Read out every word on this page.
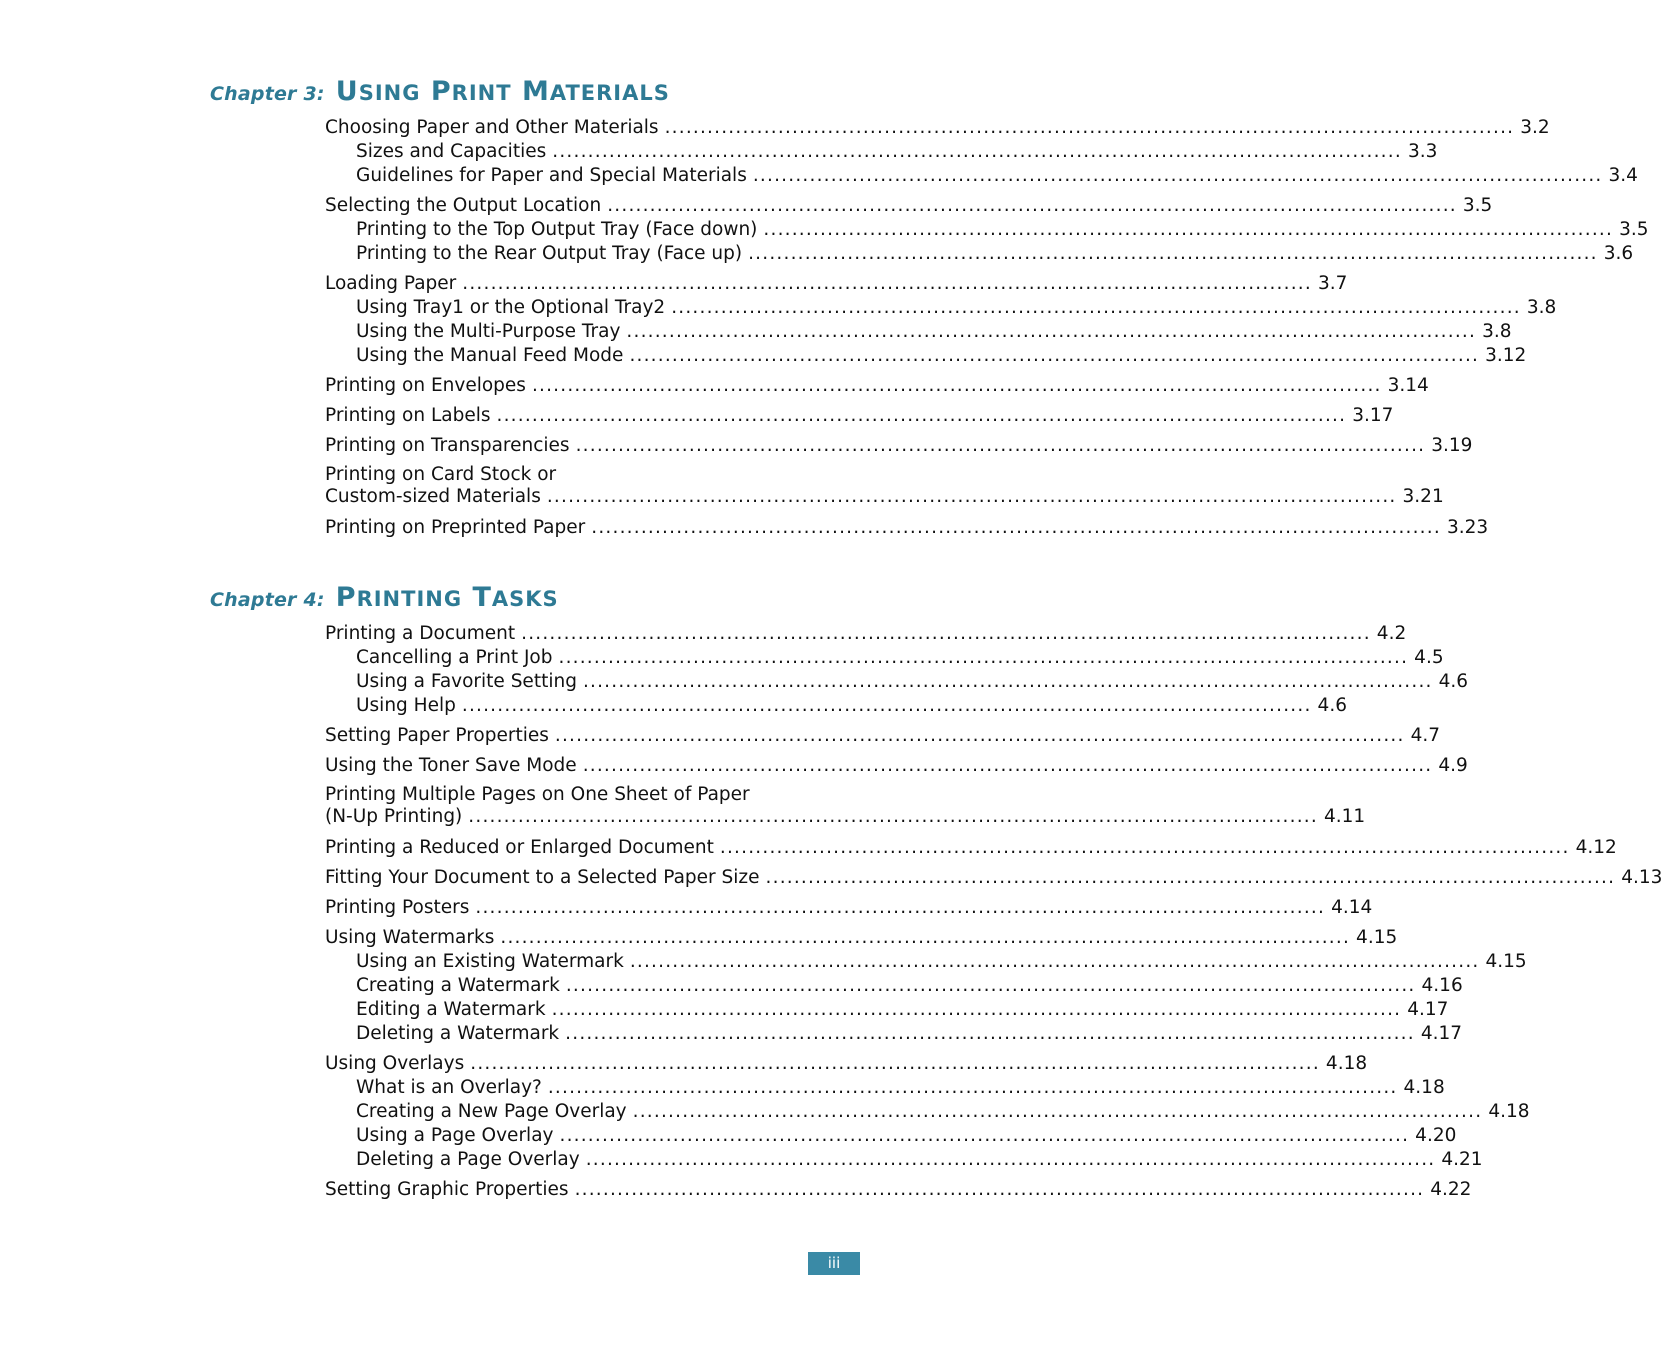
Chapter 3: USING PRINT MATERIALS
Choosing Paper and Other Materials ........................................................................................................................ 3.2
Sizes and Capacities ........................................................................................................................ 3.3
Guidelines for Paper and Special Materials ........................................................................................................................ 3.4
Selecting the Output Location ........................................................................................................................ 3.5
Printing to the Top Output Tray (Face down) ........................................................................................................................ 3.5
Printing to the Rear Output Tray (Face up) ........................................................................................................................ 3.6
Loading Paper ........................................................................................................................ 3.7
Using Tray1 or the Optional Tray2 ........................................................................................................................ 3.8
Using the Multi-Purpose Tray ........................................................................................................................ 3.8
Using the Manual Feed Mode ........................................................................................................................ 3.12
Printing on Envelopes ........................................................................................................................ 3.14
Printing on Labels ........................................................................................................................ 3.17
Printing on Transparencies ........................................................................................................................ 3.19
Printing on Card Stock or
Custom-sized Materials ........................................................................................................................ 3.21
Printing on Preprinted Paper ........................................................................................................................ 3.23
Chapter 4: PRINTING TASKS
Printing a Document ........................................................................................................................ 4.2
Cancelling a Print Job ........................................................................................................................ 4.5
Using a Favorite Setting ........................................................................................................................ 4.6
Using Help ........................................................................................................................ 4.6
Setting Paper Properties ........................................................................................................................ 4.7
Using the Toner Save Mode ........................................................................................................................ 4.9
Printing Multiple Pages on One Sheet of Paper
(N-Up Printing) ........................................................................................................................ 4.11
Printing a Reduced or Enlarged Document ........................................................................................................................ 4.12
Fitting Your Document to a Selected Paper Size ........................................................................................................................ 4.13
Printing Posters ........................................................................................................................ 4.14
Using Watermarks ........................................................................................................................ 4.15
Using an Existing Watermark ........................................................................................................................ 4.15
Creating a Watermark ........................................................................................................................ 4.16
Editing a Watermark ........................................................................................................................ 4.17
Deleting a Watermark ........................................................................................................................ 4.17
Using Overlays ........................................................................................................................ 4.18
What is an Overlay? ........................................................................................................................ 4.18
Creating a New Page Overlay ........................................................................................................................ 4.18
Using a Page Overlay ........................................................................................................................ 4.20
Deleting a Page Overlay ........................................................................................................................ 4.21
Setting Graphic Properties ........................................................................................................................ 4.22
iii
